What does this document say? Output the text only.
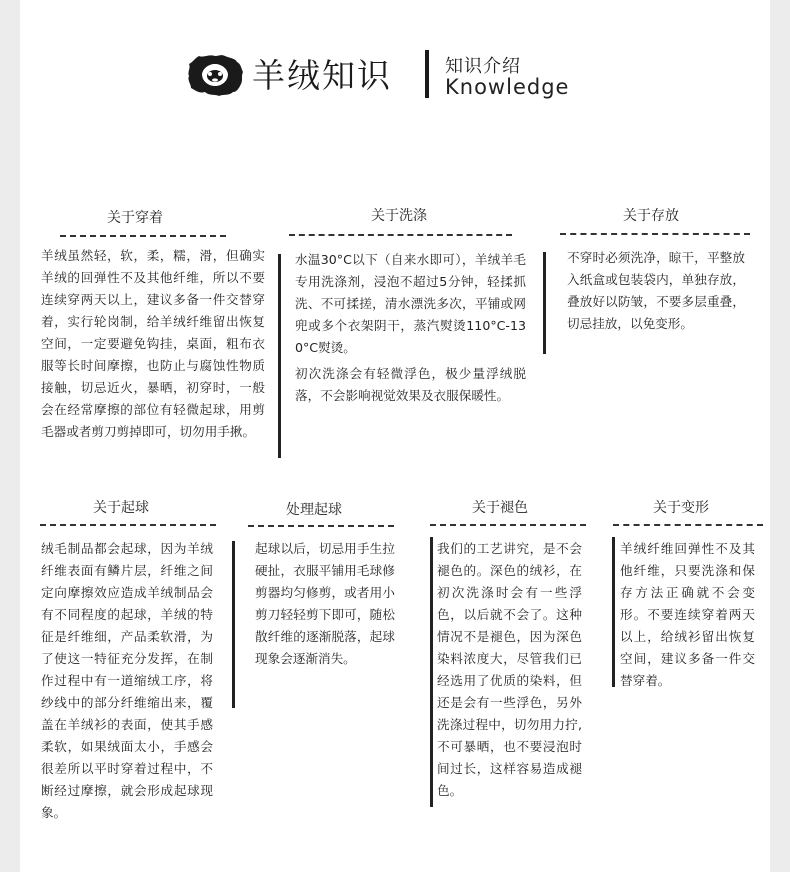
羊绒知识	知识介绍
Knowledge
关于穿着
羊绒虽然轻，软，柔，糯，滑，但确实羊绒的回弹性不及其他纤维，所以不要连续穿两天以上，建议多备一件交替穿着，实行轮岗制，给羊绒纤维留出恢复空间，一定要避免钩挂，桌面，粗布衣服等长时间摩擦，也防止与腐蚀性物质接触，切忌近火，暴晒，初穿时，一般会在经常摩擦的部位有轻微起球，用剪毛器或者剪刀剪掉即可，切勿用手揪。
关于洗涤

水温30°C以下（自来水即可），羊绒羊毛专用洗涤剂，浸泡不超过5分钟，轻揉抓洗、不可揉搓，清水漂洗多次，平铺或网兜或多个衣架阴干，蒸汽熨烫110°C-130°C熨烫。

初次洗涤会有轻微浮色，极少量浮绒脱落，不会影响视觉效果及衣服保暖性。

关于存放
不穿时必须洗净，晾干，平整放入纸盒或包装袋内，单独存放，叠放好以防皱，不要多层重叠，切忌挂放，以免变形。
关于起球
绒毛制品都会起球，因为羊绒纤维表面有鳞片层，纤维之间定向摩擦效应造成羊绒制品会有不同程度的起球，羊绒的特征是纤维细，产品柔软滑，为了使这一特征充分发挥，在制作过程中有一道缩绒工序，将纱线中的部分纤维缩出来，覆盖在羊绒衫的表面，使其手感柔软，如果绒面太小，手感会很差所以平时穿着过程中，不断经过摩擦，就会形成起球现象。
处理起球
起球以后，切忌用手生拉硬扯，衣服平铺用毛球修剪器均匀修剪，或者用小剪刀轻轻剪下即可，随松散纤维的逐渐脱落，起球现象会逐渐消失。
关于褪色
我们的工艺讲究，是不会褪色的。深色的绒衫，在初次洗涤时会有一些浮色，以后就不会了。这种情况不是褪色，因为深色染料浓度大，尽管我们已经选用了优质的染料，但还是会有一些浮色，另外洗涤过程中，切勿用力拧,不可暴晒，也不要浸泡时间过长，这样容易造成褪色。
关于变形
羊绒纤维回弹性不及其他纤维，只要洗涤和保存方法正确就不会变形。不要连续穿着两天以上，给绒衫留出恢复空间，建议多备一件交替穿着。
